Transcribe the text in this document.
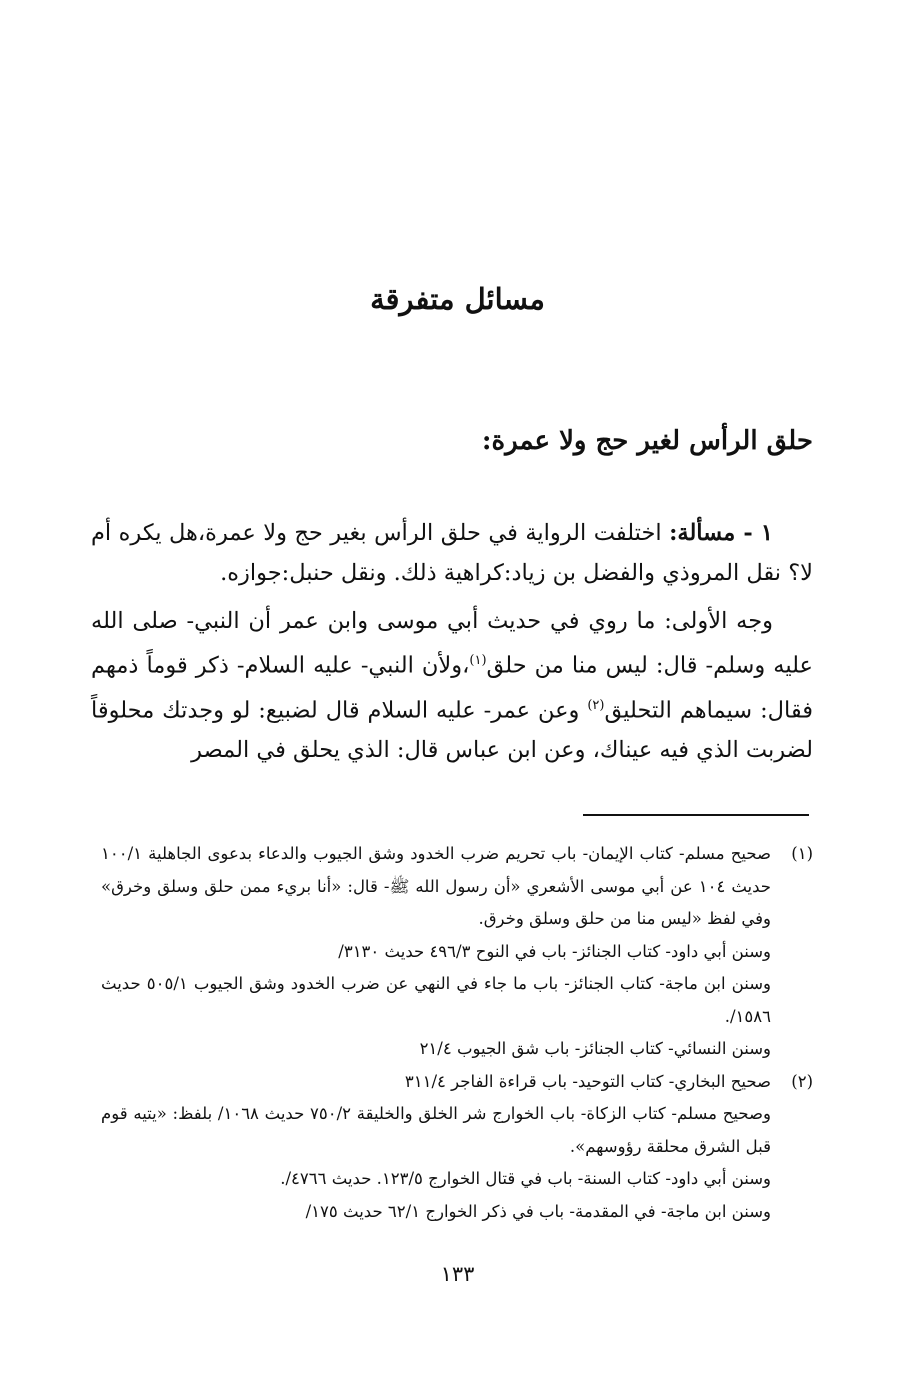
مسائل متفرقة
حلق الرأس لغير حج ولا عمرة:

١ - مسألة: اختلفت الرواية في حلق الرأس بغير حج ولا عمرة،هل يكره أم لا؟ نقل المروذي والفضل بن زياد:كراهية ذلك. ونقل حنبل:جوازه.

وجه الأولى: ما روي في حديث أبي موسى وابن عمر أن النبي- صلى الله عليه وسلم- قال: ليس منا من حلق$^{(١)}$،ولأن النبي- عليه السلام- ذكر قوماً ذمهم فقال: سيماهم التحليق$^{(٢)}$ وعن عمر- عليه السلام قال لضبيع: لو وجدتك محلوقاً لضربت الذي فيه عيناك، وعن ابن عباس قال: الذي يحلق في المصر

(١)
صحيح مسلم- كتاب الإيمان- باب تحريم ضرب الخدود وشق الجيوب والدعاء بدعوى الجاهلية ١٠٠/١ حديث ١٠٤ عن أبي موسى الأشعري «أن رسول الله ﷺ- قال: «أنا بريء ممن حلق وسلق وخرق» وفي لفظ «ليس منا من حلق وسلق وخرق.
وسنن أبي داود- كتاب الجنائز- باب في النوح ٤٩٦/٣ حديث ٣١٣٠/
وسنن ابن ماجة- كتاب الجنائز- باب ما جاء في النهي عن ضرب الخدود وشق الجيوب ٥٠٥/١ حديث ١٥٨٦/.
وسنن النسائي- كتاب الجنائز- باب شق الجيوب ٢١/٤
(٢)
صحيح البخاري- كتاب التوحيد- باب قراءة الفاجر ٣١١/٤
وصحيح مسلم- كتاب الزكاة- باب الخوارج شر الخلق والخليقة ٧٥٠/٢ حديث ١٠٦٨/ بلفظ: «يتيه قوم قبل الشرق محلقة رؤوسهم».
وسنن أبي داود- كتاب السنة- باب في قتال الخوارج ١٢٣/٥. حديث ٤٧٦٦/.
وسنن ابن ماجة- في المقدمة- باب في ذكر الخوارج ٦٢/١ حديث ١٧٥/
١٣٣
